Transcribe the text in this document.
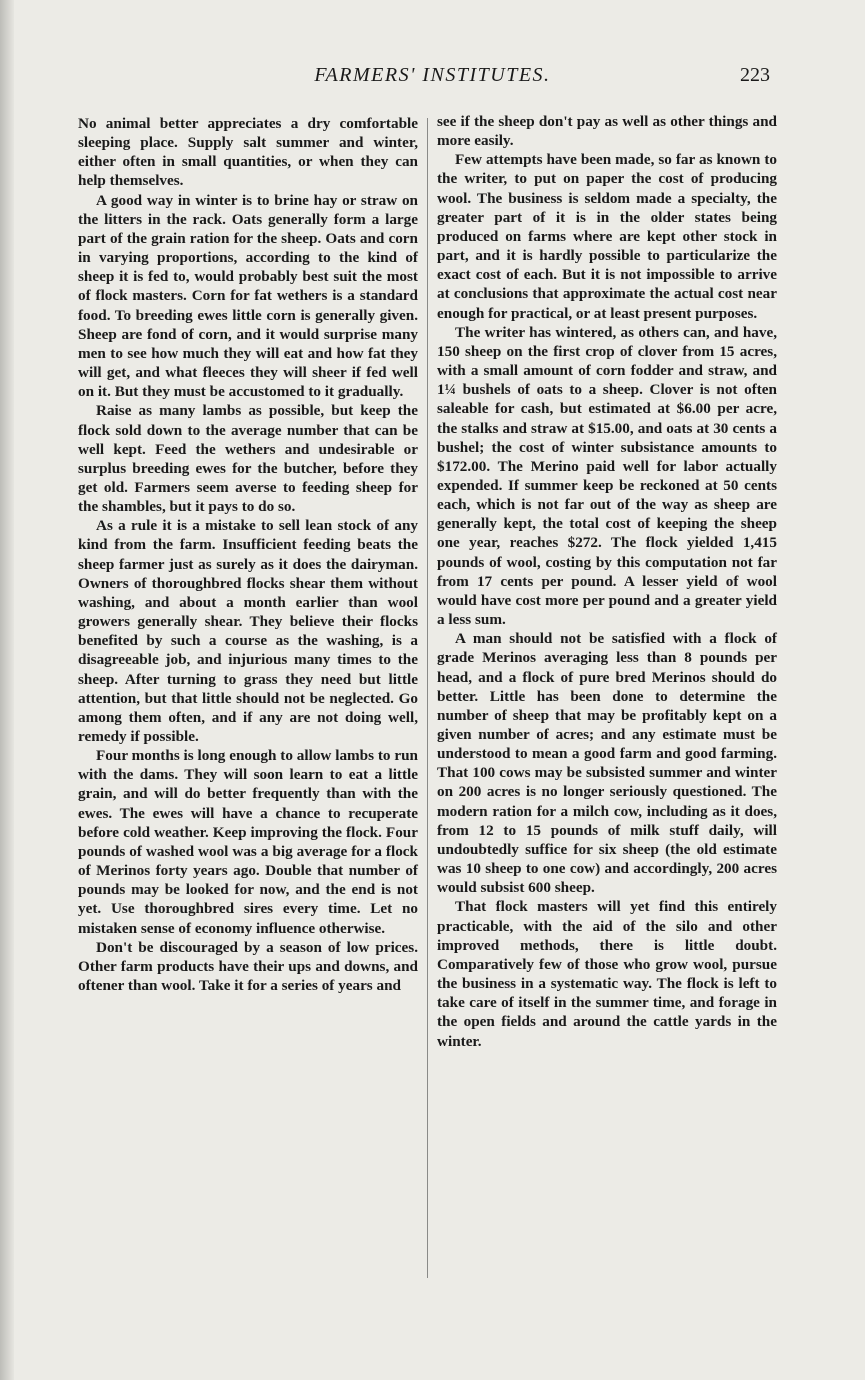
FARMERS' INSTITUTES.	223

No animal better appreciates a dry comfortable sleeping place. Supply salt summer and winter, either often in small quantities, or when they can help themselves.

A good way in winter is to brine hay or straw on the litters in the rack. Oats generally form a large part of the grain ration for the sheep. Oats and corn in varying proportions, according to the kind of sheep it is fed to, would probably best suit the most of flock masters. Corn for fat wethers is a standard food. To breeding ewes little corn is generally given. Sheep are fond of corn, and it would surprise many men to see how much they will eat and how fat they will get, and what fleeces they will sheer if fed well on it. But they must be accustomed to it gradually.

Raise as many lambs as possible, but keep the flock sold down to the average number that can be well kept. Feed the wethers and undesirable or surplus breeding ewes for the butcher, before they get old. Farmers seem averse to feeding sheep for the shambles, but it pays to do so.

As a rule it is a mistake to sell lean stock of any kind from the farm. Insufficient feeding beats the sheep farmer just as surely as it does the dairyman. Owners of thoroughbred flocks shear them without washing, and about a month earlier than wool growers generally shear. They believe their flocks benefited by such a course as the washing, is a disagreeable job, and injurious many times to the sheep. After turning to grass they need but little attention, but that little should not be neglected. Go among them often, and if any are not doing well, remedy if possible.

Four months is long enough to allow lambs to run with the dams. They will soon learn to eat a little grain, and will do better frequently than with the ewes. The ewes will have a chance to recuperate before cold weather. Keep improving the flock. Four pounds of washed wool was a big average for a flock of Merinos forty years ago. Double that number of pounds may be looked for now, and the end is not yet. Use thoroughbred sires every time. Let no mistaken sense of economy influence otherwise.

Don't be discouraged by a season of low prices. Other farm products have their ups and downs, and oftener than wool. Take it for a series of years and

see if the sheep don't pay as well as other things and more easily.

Few attempts have been made, so far as known to the writer, to put on paper the cost of producing wool. The business is seldom made a specialty, the greater part of it is in the older states being produced on farms where are kept other stock in part, and it is hardly possible to particularize the exact cost of each. But it is not impossible to arrive at conclusions that approximate the actual cost near enough for practical, or at least present purposes.

The writer has wintered, as others can, and have, 150 sheep on the first crop of clover from 15 acres, with a small amount of corn fodder and straw, and 1¼ bushels of oats to a sheep. Clover is not often saleable for cash, but estimated at $6.00 per acre, the stalks and straw at $15.00, and oats at 30 cents a bushel; the cost of winter subsistance amounts to $172.00. The Merino paid well for labor actually expended. If summer keep be reckoned at 50 cents each, which is not far out of the way as sheep are generally kept, the total cost of keeping the sheep one year, reaches $272. The flock yielded 1,415 pounds of wool, costing by this computation not far from 17 cents per pound. A lesser yield of wool would have cost more per pound and a greater yield a less sum.

A man should not be satisfied with a flock of grade Merinos averaging less than 8 pounds per head, and a flock of pure bred Merinos should do better. Little has been done to determine the number of sheep that may be profitably kept on a given number of acres; and any estimate must be understood to mean a good farm and good farming. That 100 cows may be subsisted summer and winter on 200 acres is no longer seriously questioned. The modern ration for a milch cow, including as it does, from 12 to 15 pounds of milk stuff daily, will undoubtedly suffice for six sheep (the old estimate was 10 sheep to one cow) and accordingly, 200 acres would subsist 600 sheep.

That flock masters will yet find this entirely practicable, with the aid of the silo and other improved methods, there is little doubt. Comparatively few of those who grow wool, pursue the business in a systematic way. The flock is left to take care of itself in the summer time, and forage in the open fields and around the cattle yards in the winter.
